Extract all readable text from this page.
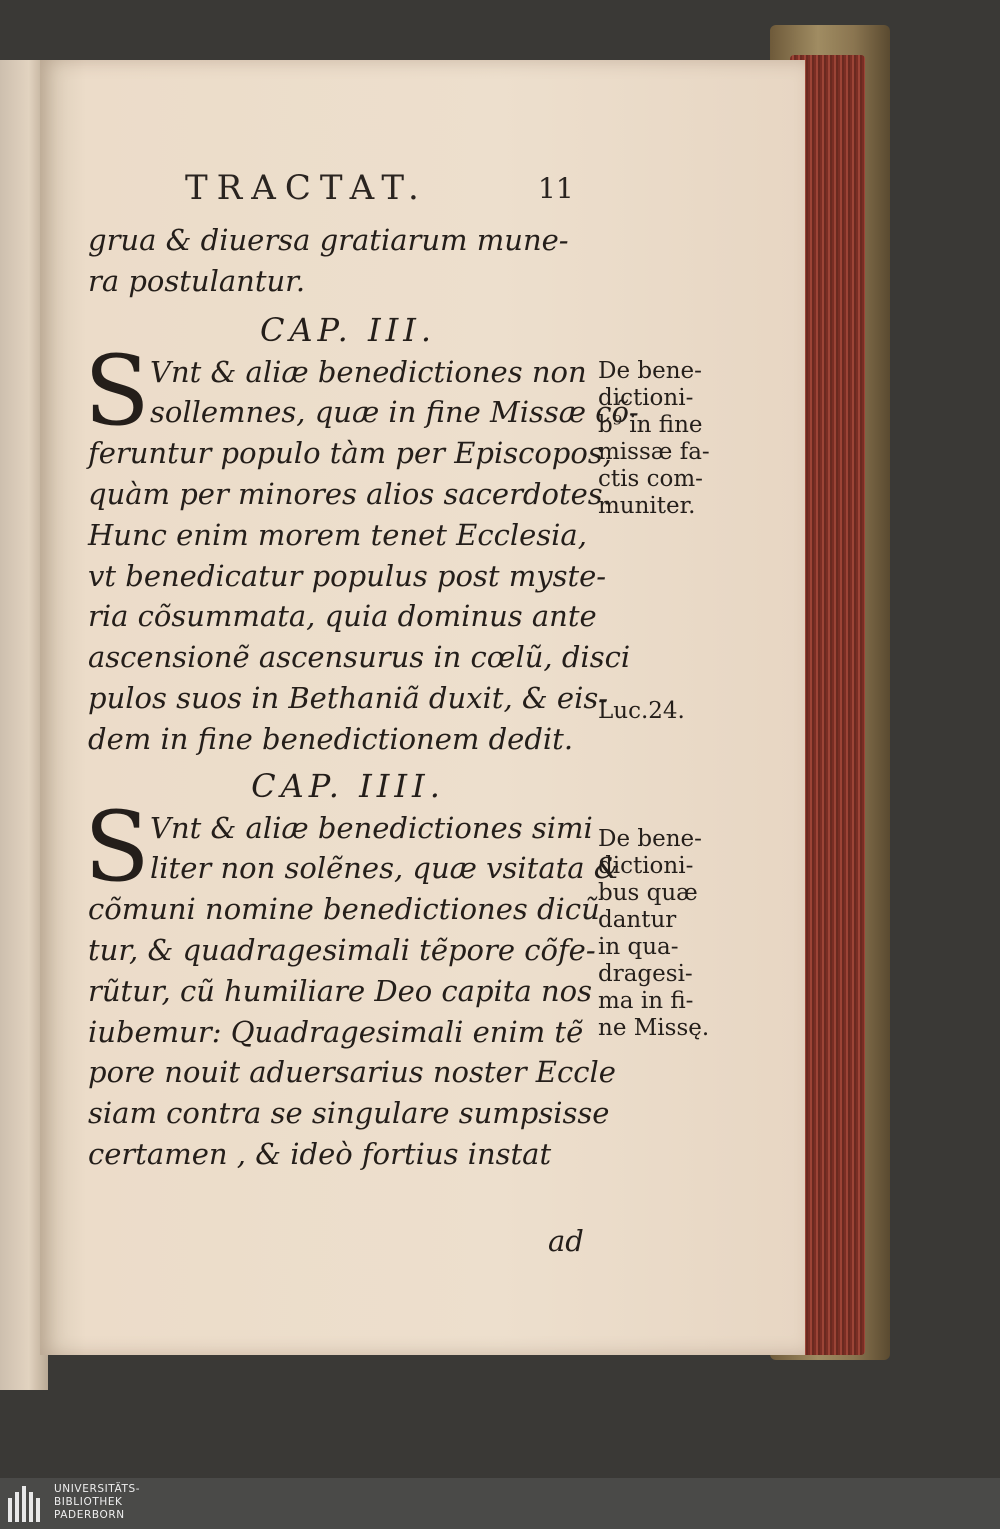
TRACTAT.	11
grua & diuersa gratiarum mune-
ra postulantur.
CAP. III.
S Vnt & aliæ benedictiones non
sollemnes, quæ in fine Missæ cõ-
feruntur populo tàm per Episcopos,
quàm per minores alios sacerdotes.
Hunc enim morem tenet Ecclesia,
vt benedicatur populus post myste-
ria cõsummata, quia dominus ante
ascensionẽ ascensurus in cœlũ, disci
pulos suos in Bethaniã duxit, & eis-
dem in fine benedictionem dedit.
CAP. IIII.
S Vnt & aliæ benedictiones simi
liter non solẽnes, quæ vsitata &
cõmuni nomine benedictiones dicũ
tur, & quadragesimali tẽpore cõfe-
rũtur, cũ humiliare Deo capita nos
iubemur: Quadragesimali enim tẽ
pore nouit aduersarius noster Eccle
siam contra se singulare sumpsisse
certamen , & ideò fortius instat
De bene-
dictioni-
b⁹ in fine
missæ fa-
ctis com-
muniter.
Luc.24.
De bene-
dictioni-
bus quæ
dantur
in qua-
dragesi-
ma in fi-
ne Missę.
ad
UNIVERSITÄTS-
BIBLIOTHEK
PADERBORN
